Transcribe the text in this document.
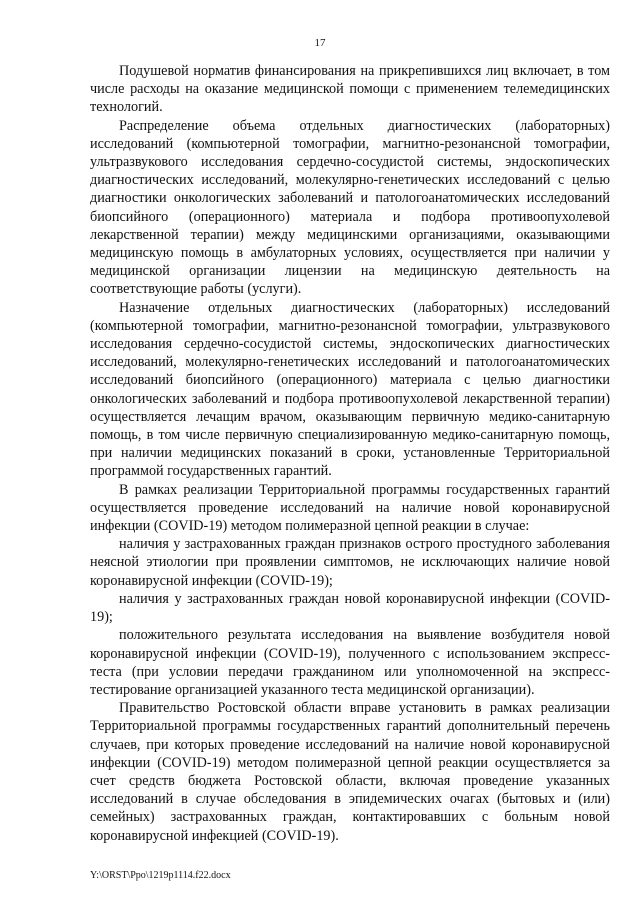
17

Подушевой норматив финансирования на прикрепившихся лиц включает, в том числе расходы на оказание медицинской помощи с применением телемедицинских технологий.

Распределение объема отдельных диагностических (лабораторных) исследований (компьютерной томографии, магнитно-резонансной томографии, ультразвукового исследования сердечно-сосудистой системы, эндоскопических диагностических исследований, молекулярно-генетических исследований с целью диагностики онкологических заболеваний и патологоанатомических исследований биопсийного (операционного) материала и подбора противоопухолевой лекарственной терапии) между медицинскими организациями, оказывающими медицинскую помощь в амбулаторных условиях, осуществляется при наличии у медицинской организации лицензии на медицинскую деятельность на соответствующие работы (услуги).

Назначение отдельных диагностических (лабораторных) исследований (компьютерной томографии, магнитно-резонансной томографии, ультразвукового исследования сердечно-сосудистой системы, эндоскопических диагностических исследований, молекулярно-генетических исследований и патологоанатомических исследований биопсийного (операционного) материала с целью диагностики онкологических заболеваний и подбора противоопухолевой лекарственной терапии) осуществляется лечащим врачом, оказывающим первичную медико-санитарную помощь, в том числе первичную специализированную медико-санитарную помощь, при наличии медицинских показаний в сроки, установленные Территориальной программой государственных гарантий.

В рамках реализации Территориальной программы государственных гарантий осуществляется проведение исследований на наличие новой коронавирусной инфекции (COVID-19) методом полимеразной цепной реакции в случае:

наличия у застрахованных граждан признаков острого простудного заболевания неясной этиологии при проявлении симптомов, не исключающих наличие новой коронавирусной инфекции (COVID-19);

наличия у застрахованных граждан новой коронавирусной инфекции (COVID-19);

положительного результата исследования на выявление возбудителя новой коронавирусной инфекции (COVID-19), полученного с использованием экспресс-теста (при условии передачи гражданином или уполномоченной на экспресс-тестирование организацией указанного теста медицинской организации).

Правительство Ростовской области вправе установить в рамках реализации Территориальной программы государственных гарантий дополнительный перечень случаев, при которых проведение исследований на наличие новой коронавирусной инфекции (COVID-19) методом полимеразной цепной реакции осуществляется за счет средств бюджета Ростовской области, включая проведение указанных исследований в случае обследования в эпидемических очагах (бытовых и (или) семейных) застрахованных граждан, контактировавших с больным новой коронавирусной инфекцией (COVID-19).

Y:\ORST\Ppo\1219p1114.f22.docx
